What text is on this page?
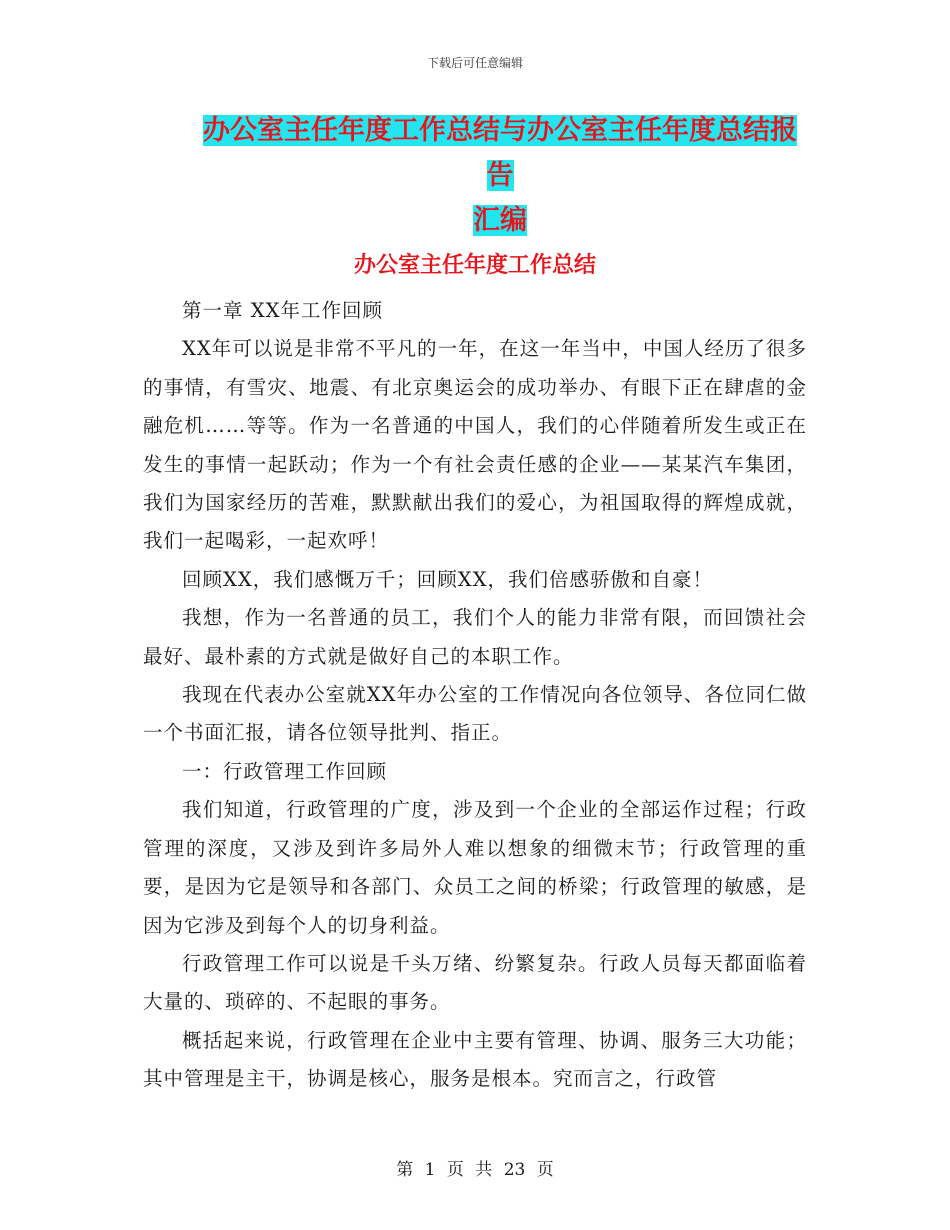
下载后可任意编辑
办公室主任年度工作总结与办公室主任年度总结报告
汇编
办公室主任年度工作总结

第一章 XX年工作回顾

XX年可以说是非常不平凡的一年，在这一年当中，中国人经历了很多的事情，有雪灾、地震、有北京奥运会的成功举办、有眼下正在肆虐的金融危机……等等。作为一名普通的中国人，我们的心伴随着所发生或正在发生的事情一起跃动；作为一个有社会责任感的企业——某某汽车集团，我们为国家经历的苦难，默默献出我们的爱心，为祖国取得的辉煌成就，我们一起喝彩，一起欢呼！

回顾XX，我们感慨万千；回顾XX，我们倍感骄傲和自豪！

我想，作为一名普通的员工，我们个人的能力非常有限，而回馈社会最好、最朴素的方式就是做好自己的本职工作。

我现在代表办公室就XX年办公室的工作情况向各位领导、各位同仁做一个书面汇报，请各位领导批判、指正。

一：行政管理工作回顾

我们知道，行政管理的广度，涉及到一个企业的全部运作过程；行政管理的深度，又涉及到许多局外人难以想象的细微末节；行政管理的重要，是因为它是领导和各部门、众员工之间的桥梁；行政管理的敏感，是因为它涉及到每个人的切身利益。

行政管理工作可以说是千头万绪、纷繁复杂。行政人员每天都面临着大量的、琐碎的、不起眼的事务。

概括起来说，行政管理在企业中主要有管理、协调、服务三大功能；其中管理是主干，协调是核心，服务是根本。究而言之，行政管

第 1 页 共 23 页
